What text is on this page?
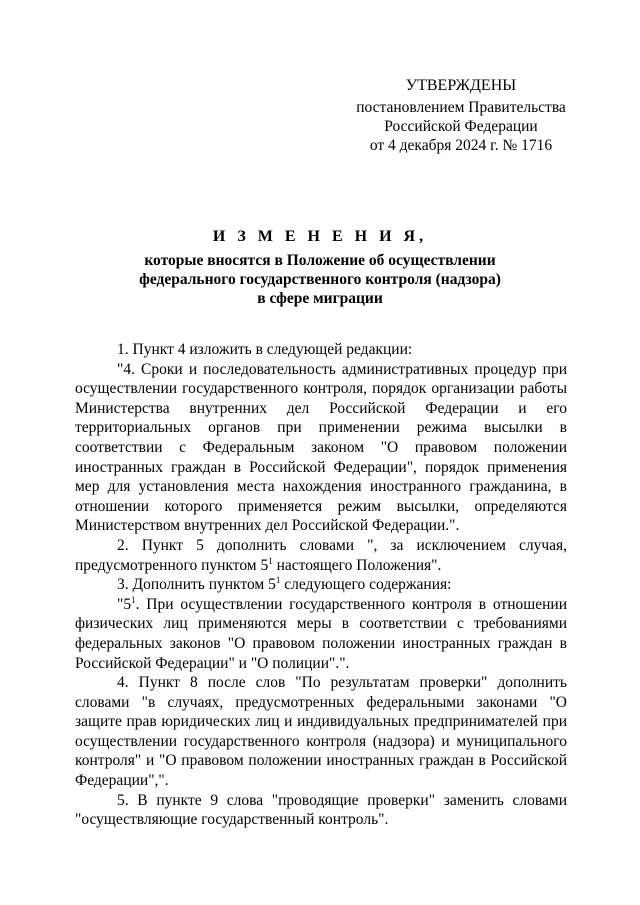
УТВЕРЖДЕНЫ
постановлением Правительства
Российской Федерации
от 4 декабря 2024 г. № 1716
И З М Е Н Е Н И Я,
которые вносятся в Положение об осуществлении
федерального государственного контроля (надзора)
в сфере миграции

1. Пункт 4 изложить в следующей редакции:

"4. Сроки и последовательность административных процедур при осуществлении государственного контроля, порядок организации работы Министерства внутренних дел Российской Федерации и его территориальных органов при применении режима высылки в соответствии с Федеральным законом "О правовом положении иностранных граждан в Российской Федерации", порядок применения мер для установления места нахождения иностранного гражданина, в отношении которого применяется режим высылки, определяются Министерством внутренних дел Российской Федерации.".

2. Пункт 5 дополнить словами ", за исключением случая, предусмотренного пунктом $5^1$ настоящего Положения".

3. Дополнить пунктом $5^1$ следующего содержания:

"$5^1$. При осуществлении государственного контроля в отношении физических лиц применяются меры в соответствии с требованиями федеральных законов "О правовом положении иностранных граждан в Российской Федерации" и "О полиции".".

4. Пункт 8 после слов "По результатам проверки" дополнить словами "в случаях, предусмотренных федеральными законами "О защите прав юридических лиц и индивидуальных предпринимателей при осуществлении государственного контроля (надзора) и муниципального контроля" и "О правовом положении иностранных граждан в Российской Федерации",".

5. В пункте 9 слова "проводящие проверки" заменить словами "осуществляющие государственный контроль".
